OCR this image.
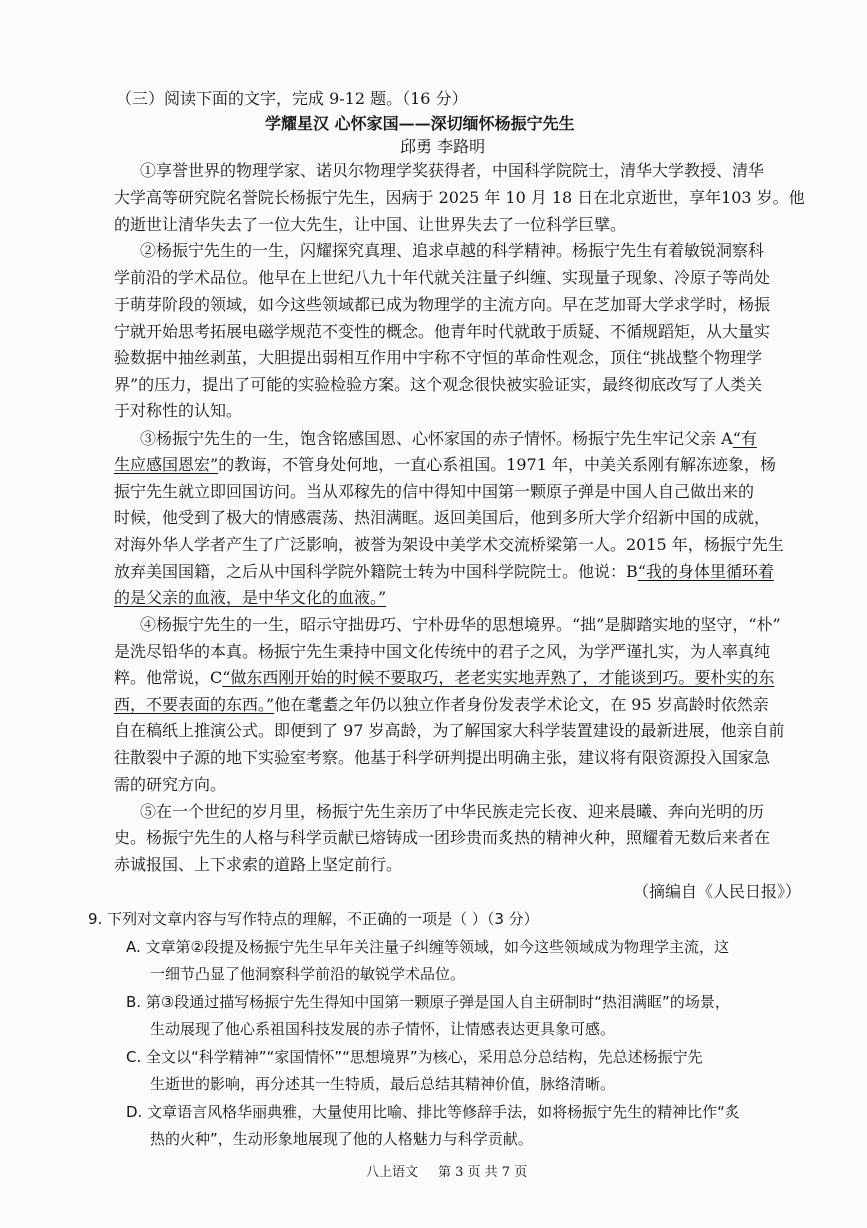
（三）阅读下面的文字，完成 9-12 题。（16 分）
学耀星汉 心怀家国——深切缅怀杨振宁先生
邱勇 李路明
①享誉世界的物理学家、诺贝尔物理学奖获得者，中国科学院院士，清华大学教授、清华
大学高等研究院名誉院长杨振宁先生，因病于 2025 年 10 月 18 日在北京逝世，享年103 岁。他
的逝世让清华失去了一位大先生，让中国、让世界失去了一位科学巨擘。
②杨振宁先生的一生，闪耀探究真理、追求卓越的科学精神。杨振宁先生有着敏锐洞察科
学前沿的学术品位。他早在上世纪八九十年代就关注量子纠缠、实现量子现象、冷原子等尚处
于萌芽阶段的领域，如今这些领域都已成为物理学的主流方向。早在芝加哥大学求学时，杨振
宁就开始思考拓展电磁学规范不变性的概念。他青年时代就敢于质疑、不循规蹈矩，从大量实
验数据中抽丝剥茧，大胆提出弱相互作用中宇称不守恒的革命性观念，顶住“挑战整个物理学
界”的压力，提出了可能的实验检验方案。这个观念很快被实验证实，最终彻底改写了人类关
于对称性的认知。
③杨振宁先生的一生，饱含铭感国恩、心怀家国的赤子情怀。杨振宁先生牢记父亲 A“有
生应感国恩宏”的教诲，不管身处何地，一直心系祖国。1971 年，中美关系刚有解冻迹象，杨
振宁先生就立即回国访问。当从邓稼先的信中得知中国第一颗原子弹是中国人自己做出来的
时候，他受到了极大的情感震荡、热泪满眶。返回美国后，他到多所大学介绍新中国的成就，
对海外华人学者产生了广泛影响，被誉为架设中美学术交流桥梁第一人。2015 年，杨振宁先生
放弃美国国籍，之后从中国科学院外籍院士转为中国科学院院士。他说：B“我的身体里循环着
的是父亲的血液，是中华文化的血液。”
④杨振宁先生的一生，昭示守拙毋巧、宁朴毋华的思想境界。“拙”是脚踏实地的坚守，“朴”
是洗尽铅华的本真。杨振宁先生秉持中国文化传统中的君子之风，为学严谨扎实，为人率真纯
粹。他常说，C“做东西刚开始的时候不要取巧，老老实实地弄熟了，才能谈到巧。要朴实的东
西，不要表面的东西。”他在耄耋之年仍以独立作者身份发表学术论文，在 95 岁高龄时依然亲
自在稿纸上推演公式。即便到了 97 岁高龄，为了解国家大科学装置建设的最新进展，他亲自前
往散裂中子源的地下实验室考察。他基于科学研判提出明确主张，建议将有限资源投入国家急
需的研究方向。
⑤在一个世纪的岁月里，杨振宁先生亲历了中华民族走完长夜、迎来晨曦、奔向光明的历
史。杨振宁先生的人格与科学贡献已熔铸成一团珍贵而炙热的精神火种，照耀着无数后来者在
赤诚报国、上下求索的道路上坚定前行。
（摘编自《人民日报》）
9. 下列对文章内容与写作特点的理解，不正确的一项是（ ）（3 分）
A. 文章第②段提及杨振宁先生早年关注量子纠缠等领域，如今这些领域成为物理学主流，这
一细节凸显了他洞察科学前沿的敏锐学术品位。
B. 第③段通过描写杨振宁先生得知中国第一颗原子弹是国人自主研制时“热泪满眶”的场景，
生动展现了他心系祖国科技发展的赤子情怀，让情感表达更具象可感。
C. 全文以“科学精神”“家国情怀”“思想境界”为核心，采用总分总结构，先总述杨振宁先
生逝世的影响，再分述其一生特质，最后总结其精神价值，脉络清晰。
D. 文章语言风格华丽典雅，大量使用比喻、排比等修辞手法，如将杨振宁先生的精神比作“炙
热的火种”，生动形象地展现了他的人格魅力与科学贡献。
八上语文 第 3 页 共 7 页
